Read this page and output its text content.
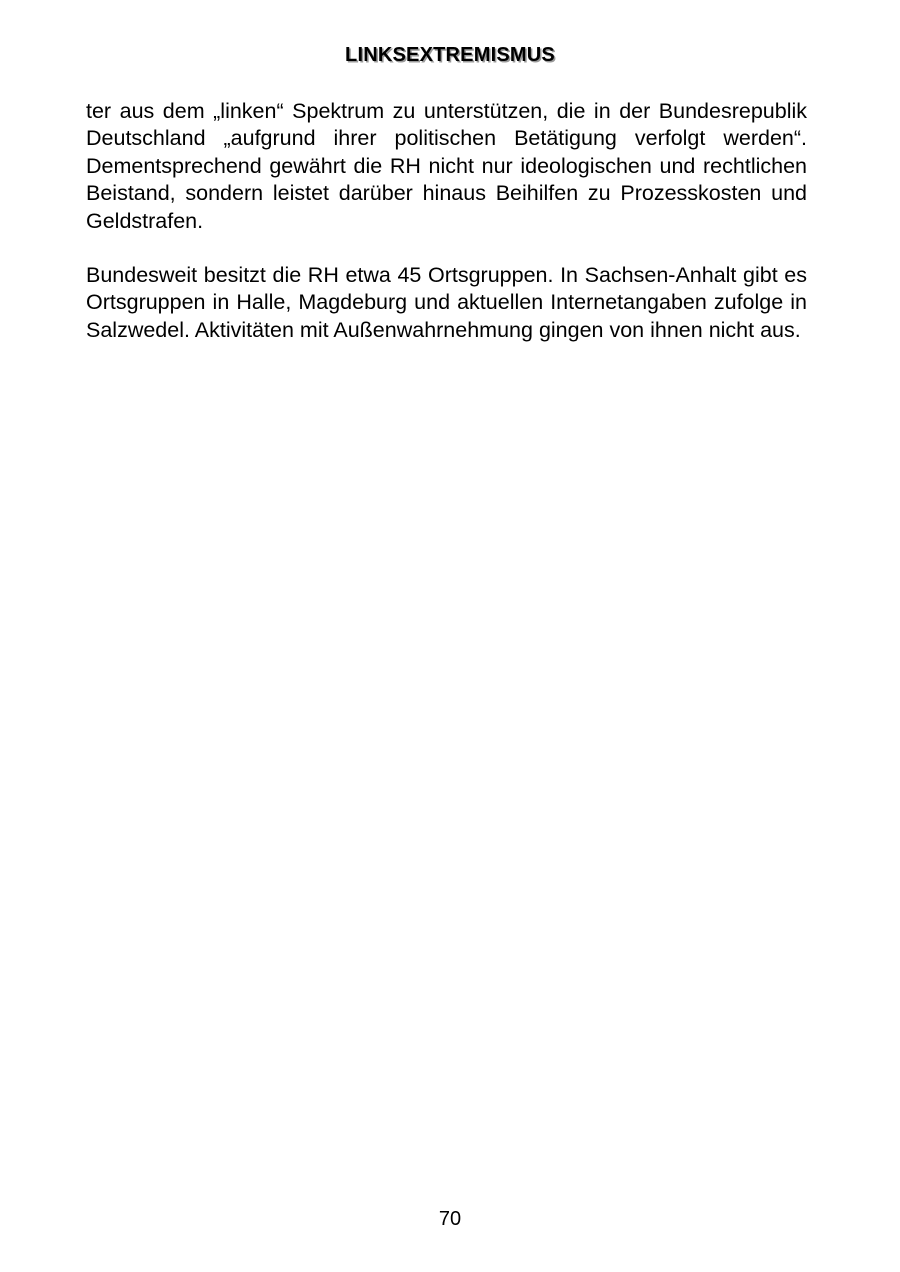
LINKSEXTREMISMUS

ter aus dem „linken“ Spektrum zu unterstützen, die in der Bundesrepublik Deutschland „aufgrund ihrer politischen Betätigung verfolgt werden“. Dementsprechend gewährt die RH nicht nur ideologischen und rechtlichen Beistand, sondern leistet darüber hinaus Beihilfen zu Prozesskosten und Geldstrafen.

Bundesweit besitzt die RH etwa 45 Ortsgruppen. In Sachsen-Anhalt gibt es Ortsgruppen in Halle, Magdeburg und aktuellen Internetangaben zufolge in Salzwedel. Aktivitäten mit Außenwahrnehmung gingen von ihnen nicht aus.

70
